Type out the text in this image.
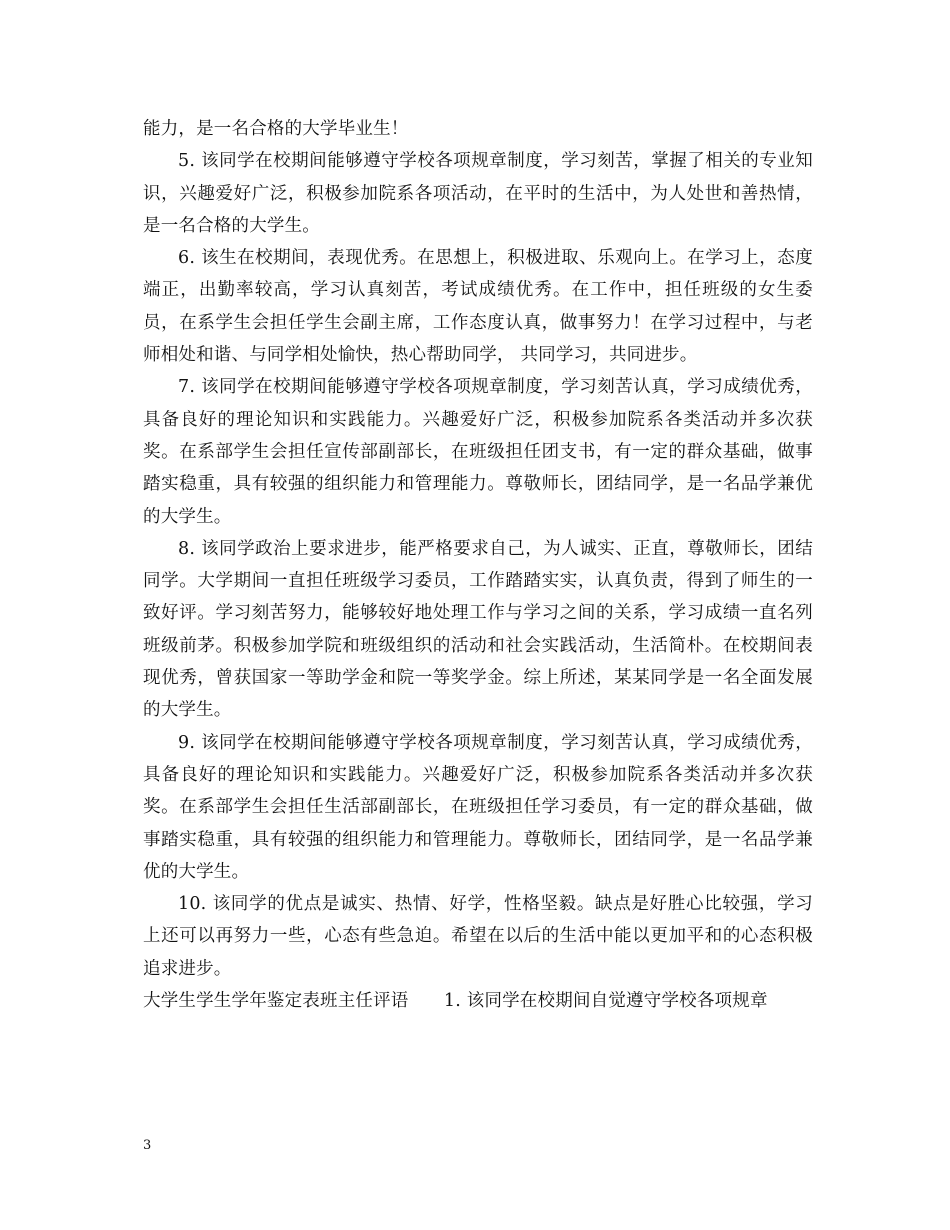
能力，是一名合格的大学毕业生！

5. 该同学在校期间能够遵守学校各项规章制度，学习刻苦，掌握了相关的专业知识，兴趣爱好广泛，积极参加院系各项活动，在平时的生活中，为人处世和善热情，是一名合格的大学生。

6. 该生在校期间，表现优秀。在思想上，积极进取、乐观向上。在学习上，态度端正，出勤率较高，学习认真刻苦，考试成绩优秀。在工作中，担任班级的女生委员，在系学生会担任学生会副主席，工作态度认真，做事努力！在学习过程中，与老师相处和谐、与同学相处愉快，热心帮助同学， 共同学习，共同进步。

7. 该同学在校期间能够遵守学校各项规章制度，学习刻苦认真，学习成绩优秀，具备良好的理论知识和实践能力。兴趣爱好广泛，积极参加院系各类活动并多次获奖。在系部学生会担任宣传部副部长，在班级担任团支书，有一定的群众基础，做事踏实稳重，具有较强的组织能力和管理能力。尊敬师长，团结同学，是一名品学兼优的大学生。

8. 该同学政治上要求进步，能严格要求自己，为人诚实、正直，尊敬师长，团结同学。大学期间一直担任班级学习委员，工作踏踏实实，认真负责，得到了师生的一致好评。学习刻苦努力，能够较好地处理工作与学习之间的关系，学习成绩一直名列班级前茅。积极参加学院和班级组织的活动和社会实践活动，生活简朴。在校期间表现优秀，曾获国家一等助学金和院一等奖学金。综上所述，某某同学是一名全面发展的大学生。

9. 该同学在校期间能够遵守学校各项规章制度，学习刻苦认真，学习成绩优秀，具备良好的理论知识和实践能力。兴趣爱好广泛，积极参加院系各类活动并多次获奖。在系部学生会担任生活部副部长，在班级担任学习委员，有一定的群众基础，做事踏实稳重，具有较强的组织能力和管理能力。尊敬师长，团结同学，是一名品学兼优的大学生。

10. 该同学的优点是诚实、热情、好学，性格坚毅。缺点是好胜心比较强，学习上还可以再努力一些，心态有些急迫。希望在以后的生活中能以更加平和的心态积极追求进步。

大学生学生学年鉴定表班主任评语　　1. 该同学在校期间自觉遵守学校各项规章

3
